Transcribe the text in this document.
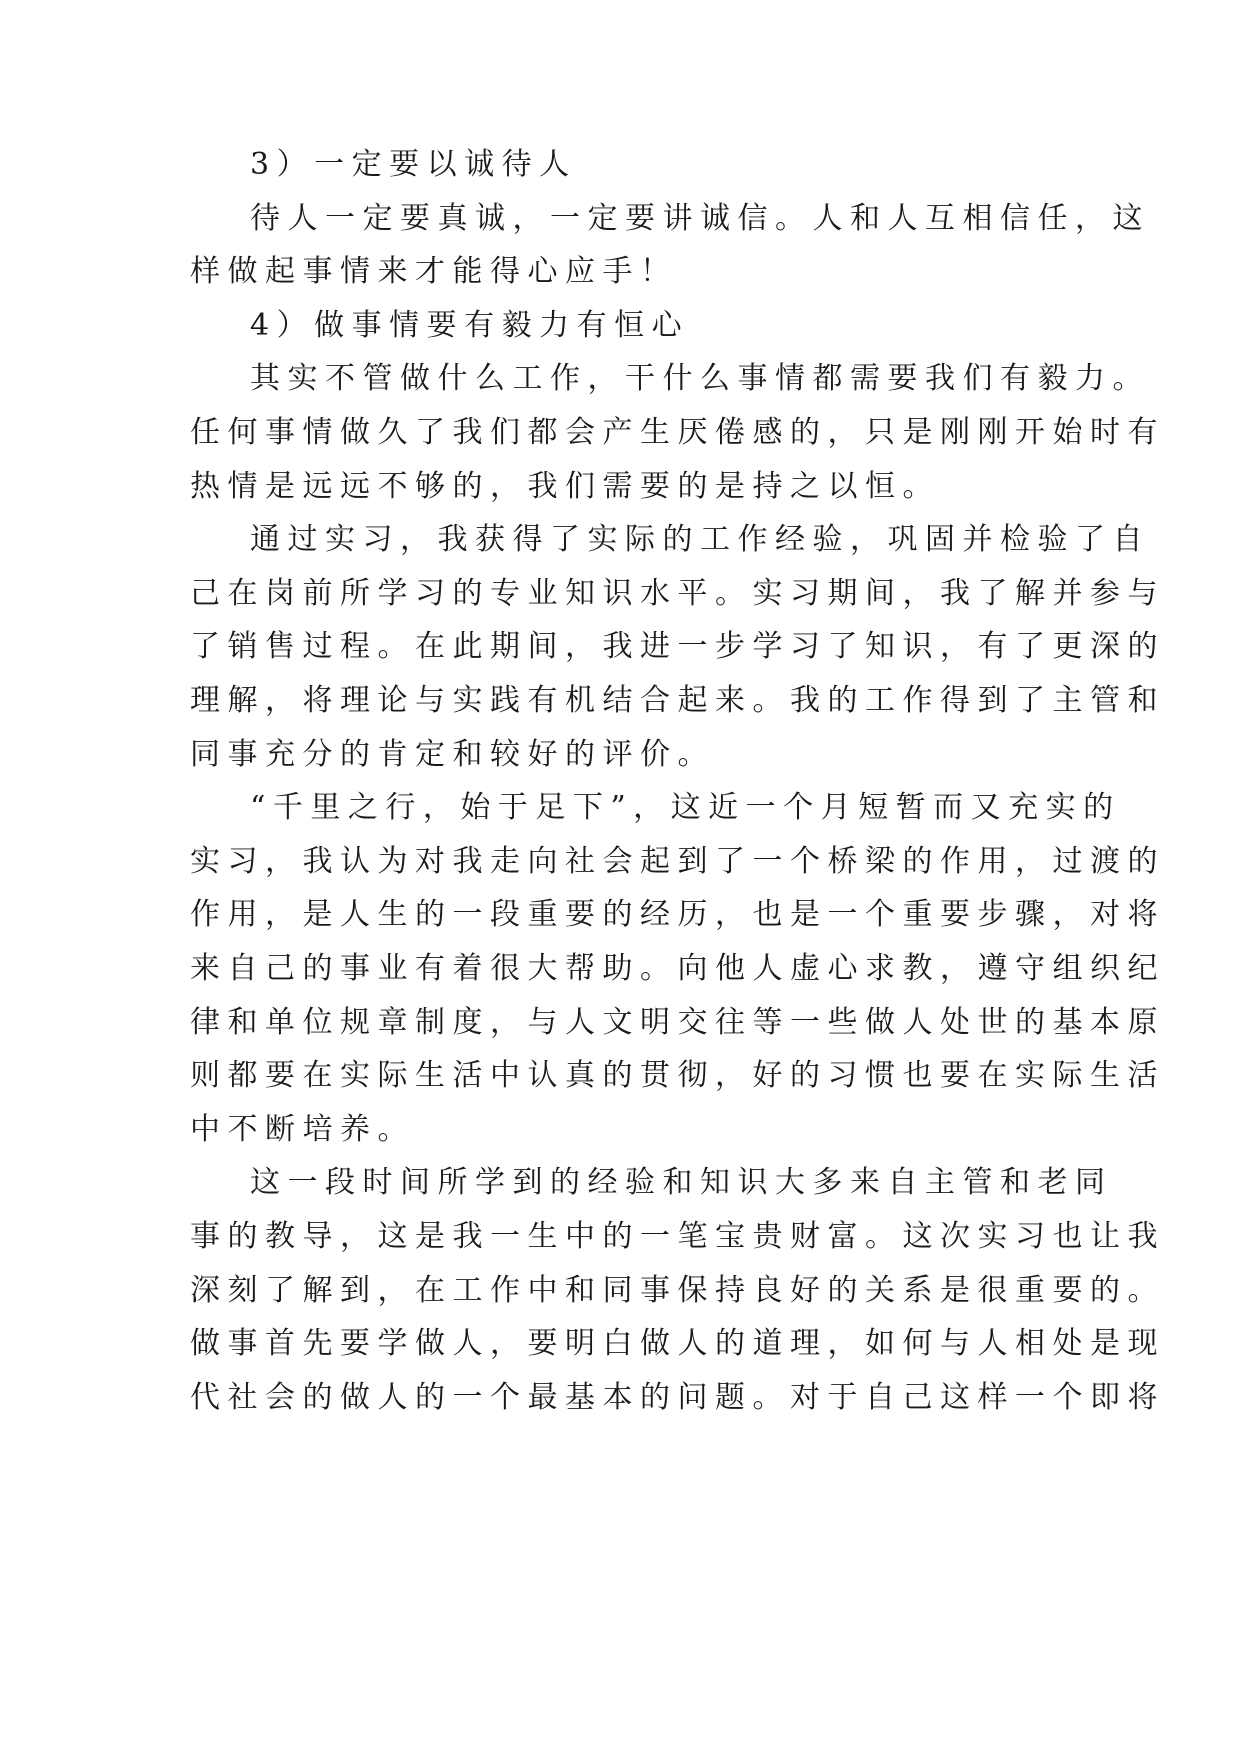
3）一定要以诚待人
待人一定要真诚，一定要讲诚信。人和人互相信任，这
样做起事情来才能得心应手！
4）做事情要有毅力有恒心
其实不管做什么工作，干什么事情都需要我们有毅力。
任何事情做久了我们都会产生厌倦感的，只是刚刚开始时有
热情是远远不够的，我们需要的是持之以恒。
通过实习，我获得了实际的工作经验，巩固并检验了自
己在岗前所学习的专业知识水平。实习期间，我了解并参与
了销售过程。在此期间，我进一步学习了知识，有了更深的
理解，将理论与实践有机结合起来。我的工作得到了主管和
同事充分的肯定和较好的评价。
“千里之行，始于足下”，这近一个月短暂而又充实的
实习，我认为对我走向社会起到了一个桥梁的作用，过渡的
作用，是人生的一段重要的经历，也是一个重要步骤，对将
来自己的事业有着很大帮助。向他人虚心求教，遵守组织纪
律和单位规章制度，与人文明交往等一些做人处世的基本原
则都要在实际生活中认真的贯彻，好的习惯也要在实际生活
中不断培养。
这一段时间所学到的经验和知识大多来自主管和老同
事的教导，这是我一生中的一笔宝贵财富。这次实习也让我
深刻了解到，在工作中和同事保持良好的关系是很重要的。
做事首先要学做人，要明白做人的道理，如何与人相处是现
代社会的做人的一个最基本的问题。对于自己这样一个即将
